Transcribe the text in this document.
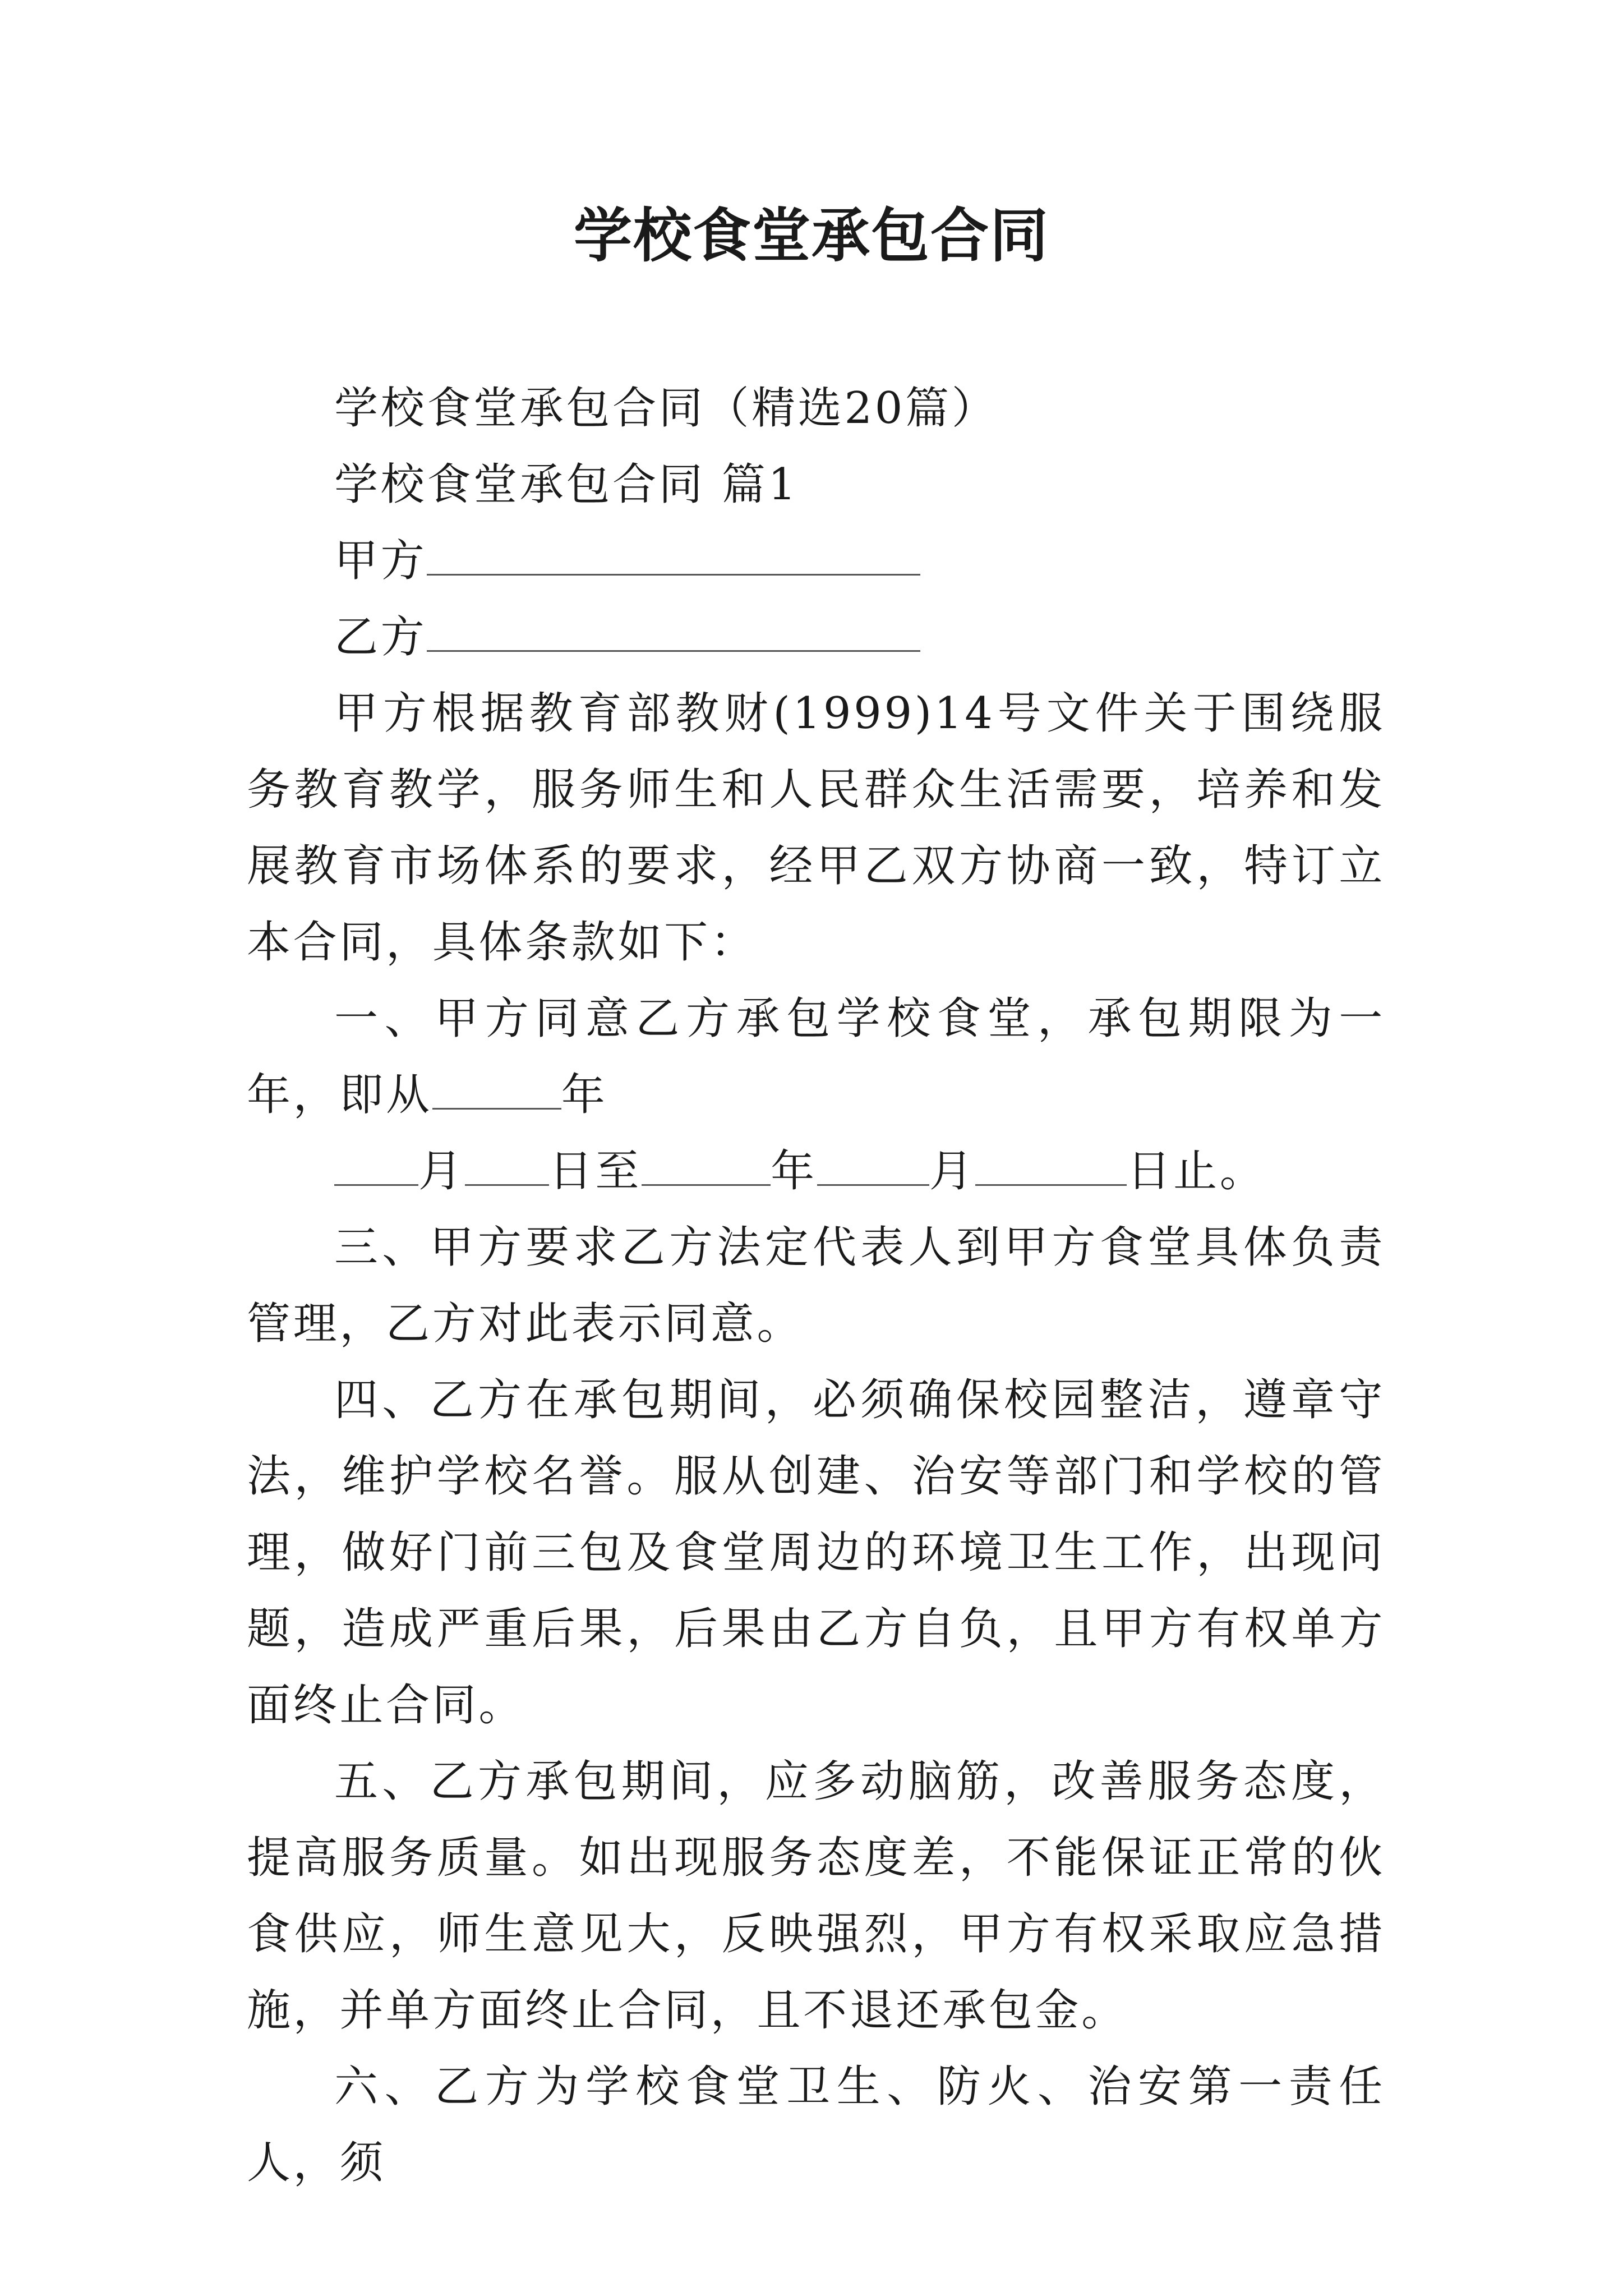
学校食堂承包合同

学校食堂承包合同（精选20篇）

学校食堂承包合同 篇1

甲方

乙方

甲方根据教育部教财(1999)14号文件关于围绕服务教育教学，服务师生和人民群众生活需要，培养和发展教育市场体系的要求，经甲乙双方协商一致，特订立本合同，具体条款如下：

一、甲方同意乙方承包学校食堂，承包期限为一年，即从	年

月 日至	年	月	日止。

三、甲方要求乙方法定代表人到甲方食堂具体负责管理，乙方对此表示同意。

四、乙方在承包期间，必须确保校园整洁，遵章守法，维护学校名誉。服从创建、治安等部门和学校的管理，做好门前三包及食堂周边的环境卫生工作，出现问题，造成严重后果，后果由乙方自负，且甲方有权单方面终止合同。

五、乙方承包期间，应多动脑筋，改善服务态度，提高服务质量。如出现服务态度差，不能保证正常的伙食供应，师生意见大，反映强烈，甲方有权采取应急措施，并单方面终止合同，且不退还承包金。

六、乙方为学校食堂卫生、防火、治安第一责任人，须
